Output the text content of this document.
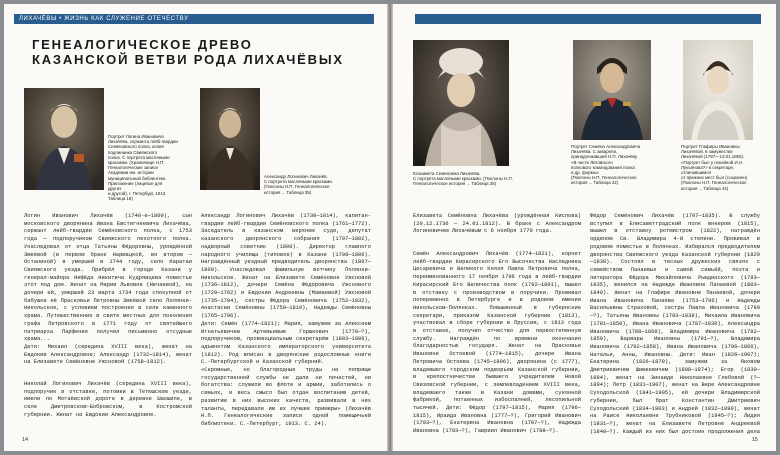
ЛИХАЧЁВЫ • ЖИЗНЬ КАК СЛУЖЕНИЕ ОТЕЧЕСТВУ
ГЕНЕАЛОГИЧЕСКОЕ ДРЕВО
КАЗАНСКОЙ ВЕТВИ РОДА ЛИХАЧЁВЫХ
Портрет Логина Ивановича
Лихачёва, сержанта лейб-гвардии
Семёновского полка, копия
подлинника Свияжского
полка. С портрета масляными
красками. (Хранилище Н.П.
Генеалогические записи
Академии им. истории
муниципальный библиотеке.
Приложение (лицевое для
других
и другой), г. Петербург, 1913.
Таблица 18)
Александр Логинович Лихачёв.
С портрета масляными красками.
(Поклоны Н.П. Генеалогическое
история ... Таблица 35)
Логин Иванович Лихачёв (1740-е—1800), сын московского дворянина Ивана Евстигнеевича Лихачёва, сержант лейб-гвардии Семёновского полка, с 1753 года — подпоручиком Свияжского пехотного полка. Унаследовал от отца Татьяны Фёдоровны, урождённой Змеёвой (в первом браке Нармацкой, во втором — Останиной) в умершей в 1744 году, село Каратаи Свияжского уезда. Прибрёл в городе Казани у генерал-майора Нифёда Никитича Кудрявцева поместье этот под дом. Женат на Марии Львовне (Нечаевой), на дочери ей, умершей 23 марта 1734 года спокупной от бабушки её Прасковьи Петровны Змеёвой село Полянки-Никольское, с условием построения в селе каменного храма. Путешественник в свите местных для поколения графа Петровского в 1771 году от святейшего патриарха Парфения получил письменно отсудные храма...
Дети: Михаил (середина XVIII века), женат на Евдокии Александровне; Александр (1732—1814), женат на Елизавете Семёновне Ужсновой (1758—1812).
Николай Логинович Лихачёв (середина XVIII века), подпоручик в отставке, потомки в Тетюшском уезде, имели по Могаёвской дороге в деревне Шакшиле, в селе Дмитровском-Бобровском, в Костромской губернии. Женат на Евдокии Александровне.
Александр Логинович Лихачёв (1730—1814), капитан-гвардии лейб-гвардии Семёновского полка (1761—1772). Заседатель в казанском верхнем суде, депутат казанского дворянского собрания (1797—1802), надворный советник (1800). Директор главного народного училища (типовое) в Казани (1798—1806). Награждённый уездный предводитель дворянства (1807—1809). Унаследовал фамильную вотчину Полянки-Никольское. Женат на Елизавете Семёновне Ужсновой (1736—1812), дочери Семёна Фёдоровича Ужснового (1728—1762) и Евдокии Андреевны (Мамаевой) Ужсновой (1735—1784), сестры Фёдора Семёновича (1752—1832), Анастасии Семёновны (1759—1810), Надежды Семёновны (1765—1796).
Дети: Семён (1774—1821); Мария, замужем за Алексеем Игнатьевичем Артемьевым Горшкович (1778—?), подпоручиком, провинциальным секретарём (1803—1806), адъюнктом Казанского императорского университета (1812). Род вписан в дворянские родословные книги С.-Петербургской и Казанской губерний.
«Скромные, но благородные труды на поприще государственной службы не дали ни почестей, ни богатства: служили во флоте и армии, заботились о семьях, и весь смысл был отдан воспитанию детей, развитию в них высоких качеств, развивали в них таланты, передавали им их лучшие примеры» (Лихачёв Н.П. Генеалогические записи одной помещичьей библиотеки. С.-Петербург, 1913. С. 24).
14
Елизавета Семёновна Лихачёва.
С портрета масляными красками. (Поклоны Н.П.
Генеалогическое история ... Таблица 35)
Портрет Семёна Александровича
Лихачёва. С акварели,
принадлежавшей Н.П. Лихачёву.
«В части Литовского
полкового командования полка
и др. формы»
(Поклоны Н.П. Генеалогическое
история ... Таблица 42)
Портрет Глафиры Ивановны
Лихачёвой, в замужестве
Лихачёвой (1797—13.01.1856).
«Портрет был у покойной И.Н. Лукъянова?» в секретаре, отличавшимся
от прежних мест был (сохранен)
(Поклоны Н.П. Генеалогическое
история ... Таблица 44)
Елизавета Семёновна Лихачёва (урождённая Кислова) (20.12.1736 — 24.01.1812). В браке с Александром Логиновичем Лихачёвым с 6 ноября 1770 года.
Семён Александрович Лихачёв (1774—1821), корнет лейб-гвардии Кирасирского Его Высочества Наследника Цесаревича и Великого Князя Павла Петровича полка, переименованного 17 ноября 1796 года в лейб-гвардии Кирасирский Его Величества полк (1792—1801), вышел в отставку с производством в поручики. Проживал попеременно в Петербурге и в родовом имении Никольском-Полянках. Повышенный в губернские секретари, приказом Казанской губернии (1813), участвовал в сборе губернии в Пруссии, с 1813 года в отставке, получил отчество для первостепенную службу. Награждён по времени окончания благодарностью государя. Женат на Прасковье Ивановне Остоевой (1774—1815), дочере Ивана Петровича Остоева (1745—1806), дворянина (с 1777), владевшего городским подворьем Казанской губернии, в крепостничестве бывшего учредителем Новой Свизовской губернии, с землевладением XVIII века, владевшего также в Казани домами, суконной фабрикой, потаенных избоспалней, лесопильной тысячей. Дети: Фёдор (1797—1815), Мария (1796—1815), Ираида Ивановна (1777—?), Григорий Иванович (1793—?), Екатерина Ивановна (1787—?), Надежда Ивановна (1783—?), Гавриил Иванович (1788—?).

Фёдор Семёнович Лихачёв (1797—1835). В службу вступил в Елисаветградский полк юнкером (1815), вышел в отставку ротмистром (1822), награждён орденом Св. Владимира 4-й степени. Проживал в родовом поместье в Полянках. Избирался предводителем дворянства Свияжского уезда Казанской губернии (1829—1830). Состоял в тесных дружеских связях с семейством Панаевых и самой семьёй, поэта и литератора Фёдора Михайловича Рындинского (1793—1835), женился на Надежде Ивановне Панаевой (1803—1840). Женат на Глафире Ивановне Панаевой, дочери Ивана Ивановича Панаева (1753—1796) и Надежды Васильевны Страховой, сестры Павла Ивановича (1780—?), Татьяны Ивановны (1783—1839), Михаила Ивановича (1781—1850), Ивана Ивановича (1787—1830), Александра Ивановича (1788—1868), Владимира Ивановича (1792—1859), Варвары Ивановны (1791—?), Владимира Ивановича (1792—1858), Ивана Ивановича (1796—1866), Натальи, Анны, Ивановны. Дети: Иван (1826—1907); Екатерина (1826—1870), замужем за Яковом Дмитриевичем Шимкевичем (1808—1874); Егор (1830—1894), женат на Зинаиде Николаевне Глебовой (?—1894); Петр (1831—1907), женат на Вере Александровне Суходольской (1841—1905), ей дочери Владимирской губернии, был брат Константин Дмитриевич Суходольский (1834—1903) и Андрей (1832—1890), женат на Раисе Николаевне Трубниковой (1845—?); Лидия (1831—?), женат на Елизавете Петровне Андреевой (1840—?). Каждый из них был достоин продолжения дела
15
